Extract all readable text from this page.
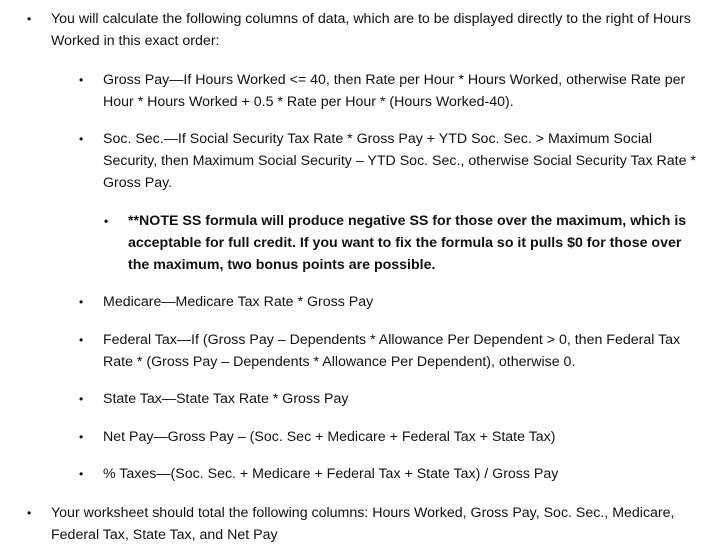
• You will calculate the following columns of data, which are to be displayed directly to the right of Hours Worked in this exact order:
• Gross Pay—If Hours Worked <= 40, then Rate per Hour * Hours Worked, otherwise Rate per Hour * Hours Worked + 0.5 * Rate per Hour * (Hours Worked-40).
• Soc. Sec.—If Social Security Tax Rate * Gross Pay + YTD Soc. Sec. > Maximum Social Security, then Maximum Social Security – YTD Soc. Sec., otherwise Social Security Tax Rate * Gross Pay.
• **NOTE SS formula will produce negative SS for those over the maximum, which is acceptable for full credit. If you want to fix the formula so it pulls $0 for those over the maximum, two bonus points are possible.
• Medicare—Medicare Tax Rate * Gross Pay
• Federal Tax—If (Gross Pay – Dependents * Allowance Per Dependent > 0, then Federal Tax Rate * (Gross Pay – Dependents * Allowance Per Dependent), otherwise 0.
• State Tax—State Tax Rate * Gross Pay
• Net Pay—Gross Pay – (Soc. Sec + Medicare + Federal Tax + State Tax)
• % Taxes—(Soc. Sec. + Medicare + Federal Tax + State Tax) / Gross Pay
• Your worksheet should total the following columns: Hours Worked, Gross Pay, Soc. Sec., Medicare, Federal Tax, State Tax, and Net Pay
